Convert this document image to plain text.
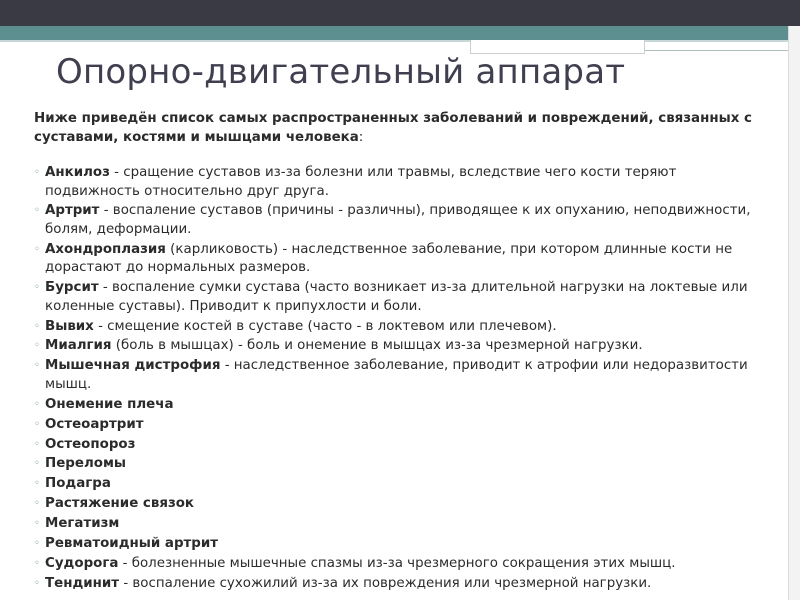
Опорно-двигательный аппарат
Ниже приведён список самых распространенных заболеваний и повреждений, связанных с суставами, костями и мышцами человека:
◦ Анкилоз - сращение суставов из-за болезни или травмы, вследствие чего кости теряют подвижность относительно друг друга.
◦ Артрит - воспаление суставов (причины - различны), приводящее к их опуханию, неподвижности, болям, деформации.
◦ Ахондроплазия (карликовость) - наследственное заболевание, при котором длинные кости не дорастают до нормальных размеров.
◦ Бурсит - воспаление сумки сустава (часто возникает из-за длительной нагрузки на локтевые или коленные суставы). Приводит к припухлости и боли.
◦ Вывих - смещение костей в суставе (часто - в локтевом или плечевом).
◦ Миалгия (боль в мышцах) - боль и онемение в мышцах из-за чрезмерной нагрузки.
◦ Мышечная дистрофия - наследственное заболевание, приводит к атрофии или недоразвитости мышц.
◦ Онемение плеча
◦ Остеоартрит
◦ Остеопороз
◦ Переломы
◦ Подагра
◦ Растяжение связок
◦ Мегатизм
◦ Ревматоидный артрит
◦ Судорога - болезненные мышечные спазмы из-за чрезмерного сокращения этих мышц.
◦ Тендинит - воспаление сухожилий из-за их повреждения или чрезмерной нагрузки.
